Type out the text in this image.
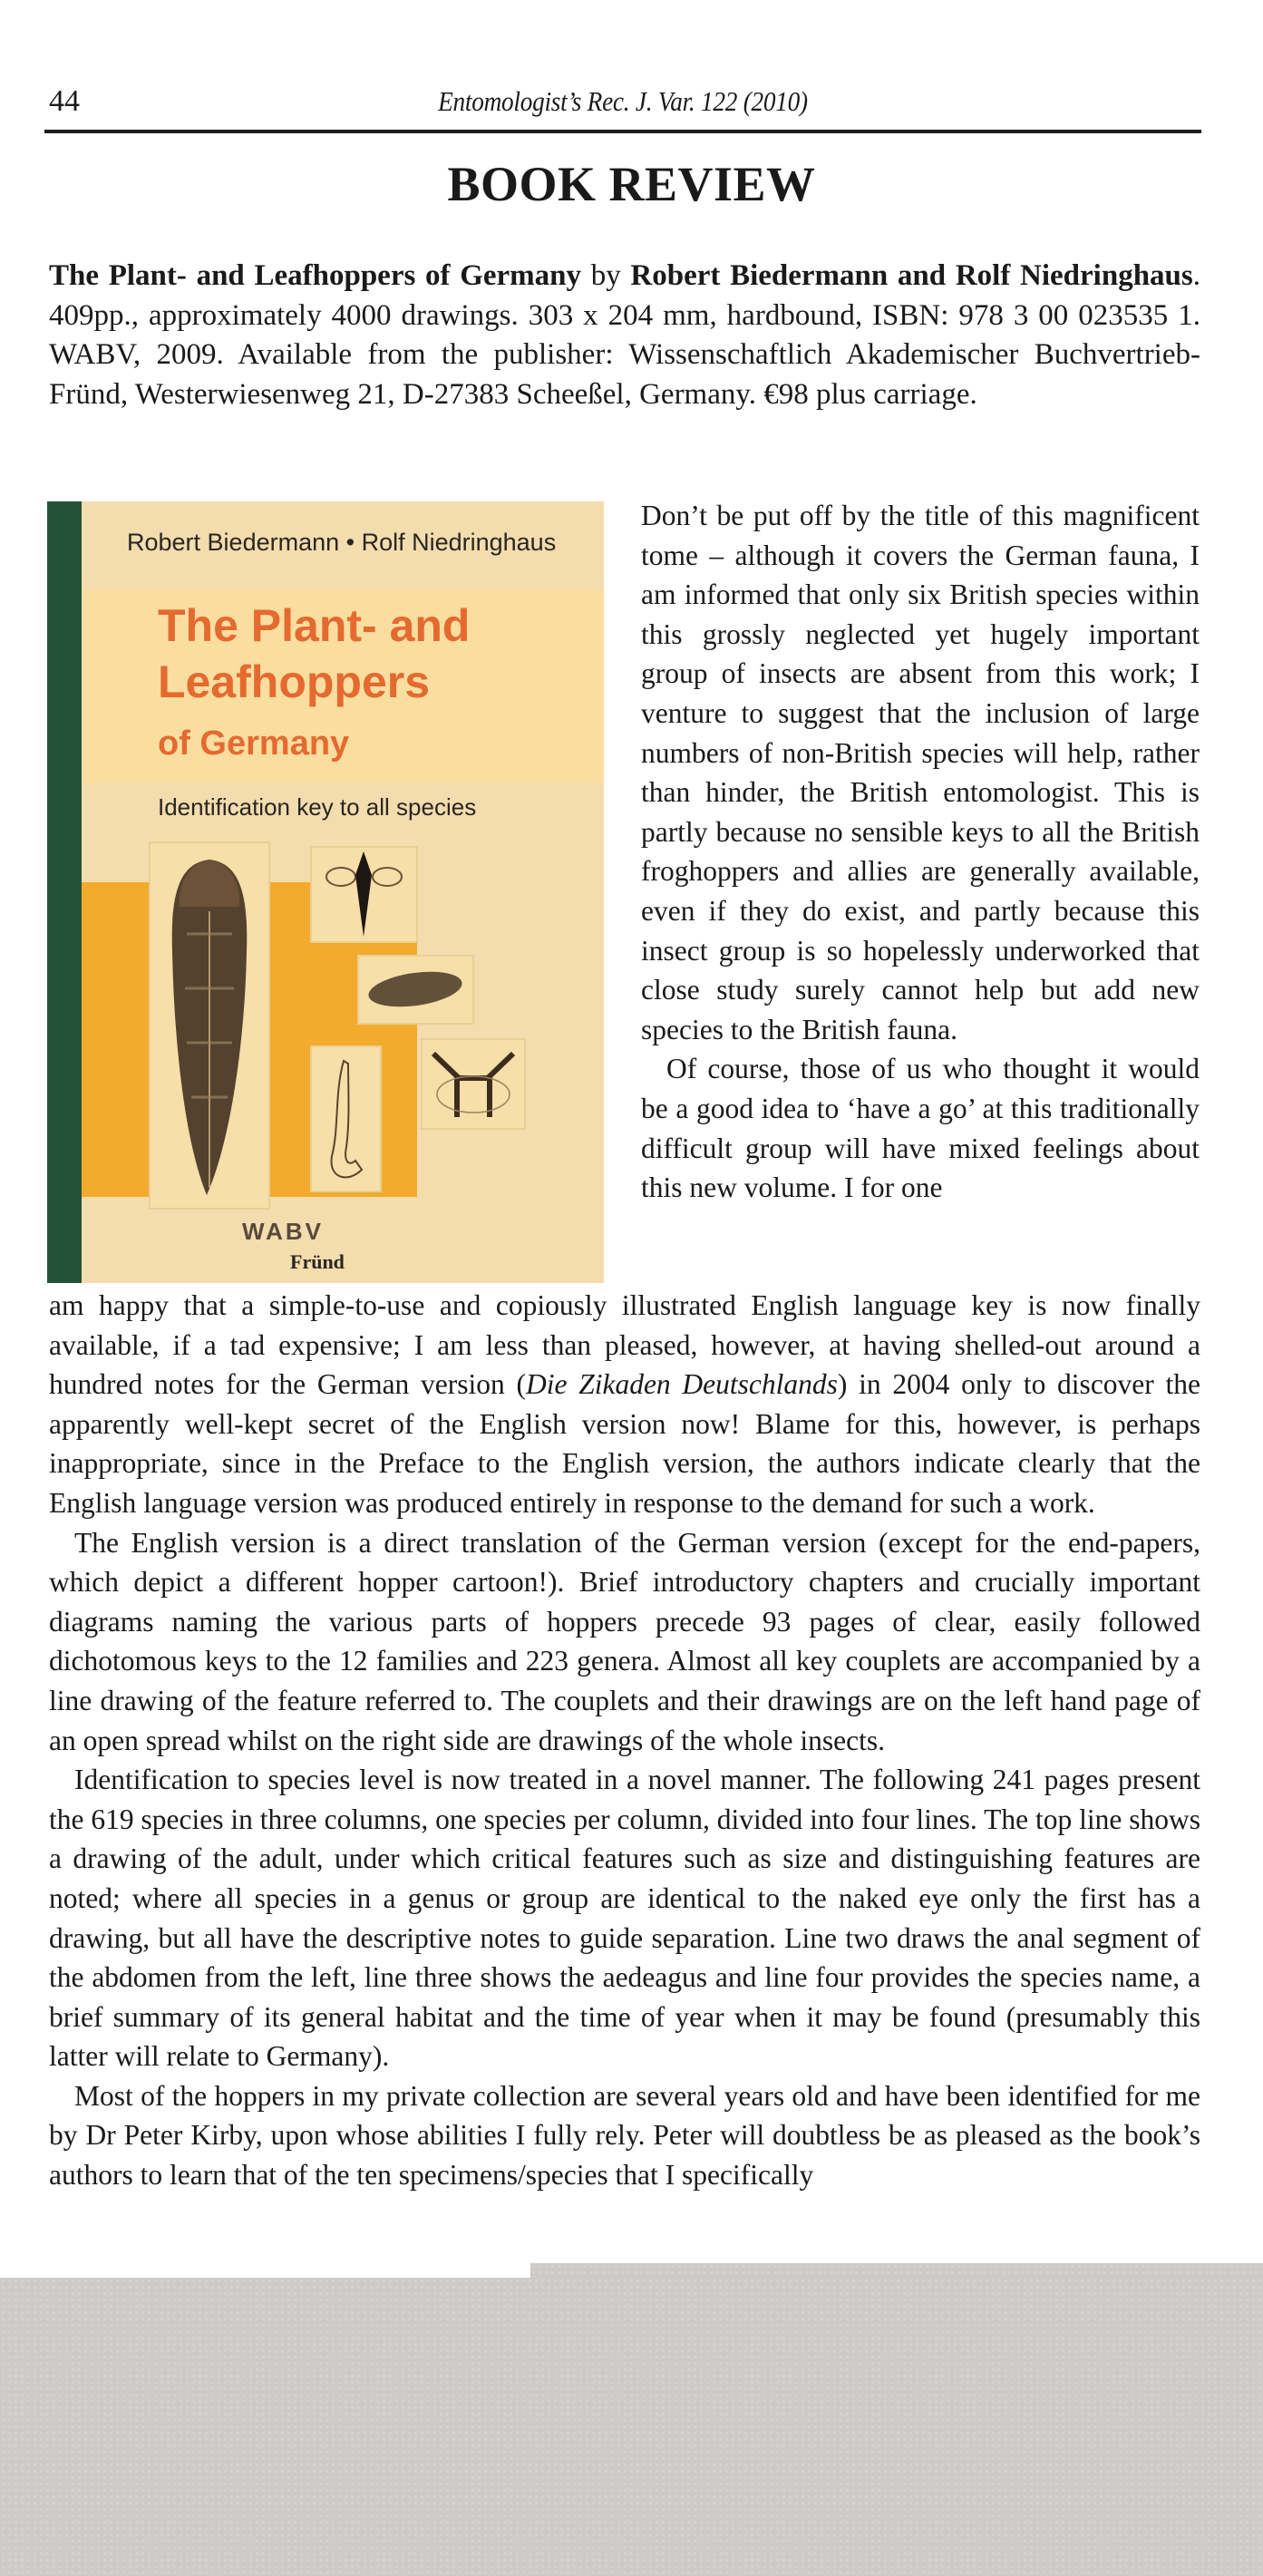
44	Entomologist’s Rec. J. Var. 122 (2010)
BOOK REVIEW
The Plant- and Leafhoppers of Germany by Robert Biedermann and Rolf Niedringhaus. 409pp., approximately 4000 drawings. 303 x 204 mm, hardbound, ISBN: 978 3 00 023535 1. WABV, 2009. Available from the publisher: Wissenschaftlich Akademischer Buchvertrieb-Fründ, Westerwiesenweg 21, D-27383 Scheeßel, Germany. €98 plus carriage.
Robert Biedermann • Rolf Niedringhaus
The Plant- and
Leafhoppers
of Germany
Identification key to all species
WABV
Fründ

Don’t be put off by the title of this magnificent tome – although it covers the German fauna, I am informed that only six British species within this grossly neglected yet hugely important group of insects are absent from this work; I venture to suggest that the inclusion of large numbers of non-British species will help, rather than hinder, the British entomologist. This is partly because no sensible keys to all the British froghoppers and allies are generally available, even if they do exist, and partly because this insect group is so hopelessly underworked that close study surely cannot help but add new species to the British fauna.

Of course, those of us who thought it would be a good idea to ‘have a go’ at this traditionally difficult group will have mixed feelings about this new volume. I for one

am happy that a simple-to-use and copiously illustrated English language key is now finally available, if a tad expensive; I am less than pleased, however, at having shelled-out around a hundred notes for the German version (Die Zikaden Deutschlands) in 2004 only to discover the apparently well-kept secret of the English version now! Blame for this, however, is perhaps inappropriate, since in the Preface to the English version, the authors indicate clearly that the English language version was produced entirely in response to the demand for such a work.

The English version is a direct translation of the German version (except for the end-papers, which depict a different hopper cartoon!). Brief introductory chapters and crucially important diagrams naming the various parts of hoppers precede 93 pages of clear, easily followed dichotomous keys to the 12 families and 223 genera. Almost all key couplets are accompanied by a line drawing of the feature referred to. The couplets and their drawings are on the left hand page of an open spread whilst on the right side are drawings of the whole insects.

Identification to species level is now treated in a novel manner. The following 241 pages present the 619 species in three columns, one species per column, divided into four lines. The top line shows a drawing of the adult, under which critical features such as size and distinguishing features are noted; where all species in a genus or group are identical to the naked eye only the first has a drawing, but all have the descriptive notes to guide separation. Line two draws the anal segment of the abdomen from the left, line three shows the aedeagus and line four provides the species name, a brief summary of its general habitat and the time of year when it may be found (presumably this latter will relate to Germany).

Most of the hoppers in my private collection are several years old and have been identified for me by Dr Peter Kirby, upon whose abilities I fully rely. Peter will doubtless be as pleased as the book’s authors to learn that of the ten specimens/species that I specifically
